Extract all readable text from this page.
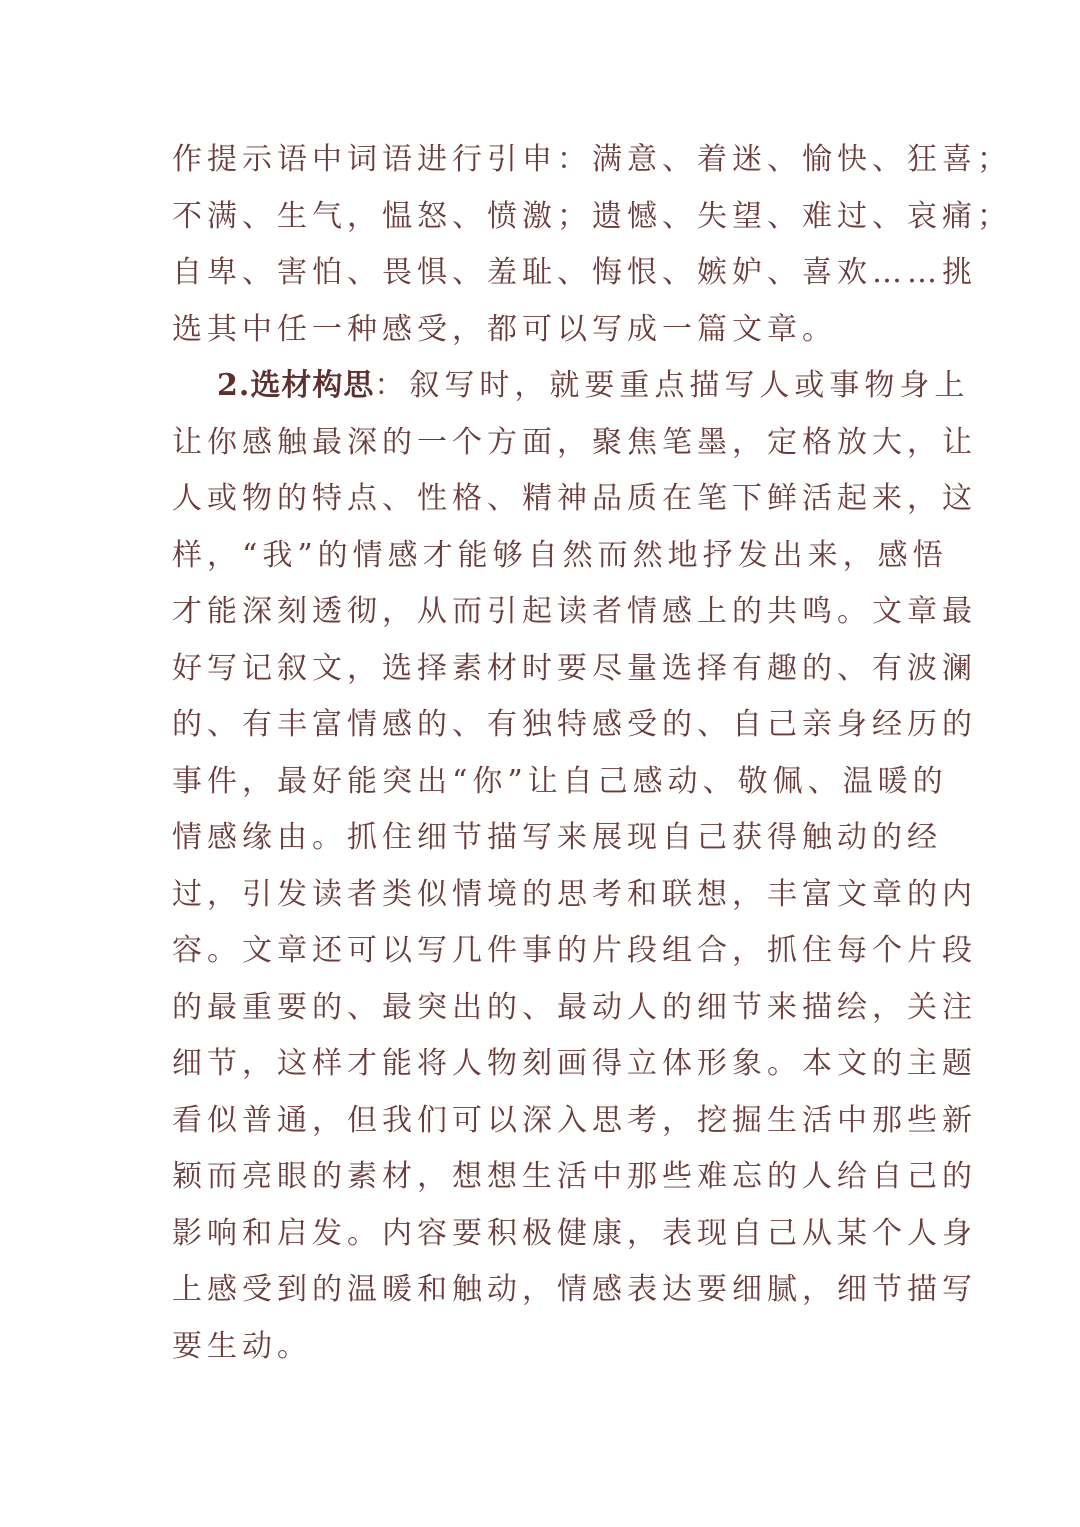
作提示语中词语进行引申：满意、着迷、愉快、狂喜；
不满、生气，愠怒、愤激；遗憾、失望、难过、哀痛；
自卑、害怕、畏惧、羞耻、悔恨、嫉妒、喜欢……挑
选其中任一种感受，都可以写成一篇文章。
2.选材构思：叙写时，就要重点描写人或事物身上
让你感触最深的一个方面，聚焦笔墨，定格放大，让
人或物的特点、性格、精神品质在笔下鲜活起来，这
样，“我”的情感才能够自然而然地抒发出来，感悟
才能深刻透彻，从而引起读者情感上的共鸣。文章最
好写记叙文，选择素材时要尽量选择有趣的、有波澜
的、有丰富情感的、有独特感受的、自己亲身经历的
事件，最好能突出“你”让自己感动、敬佩、温暖的
情感缘由。抓住细节描写来展现自己获得触动的经
过，引发读者类似情境的思考和联想，丰富文章的内
容。文章还可以写几件事的片段组合，抓住每个片段
的最重要的、最突出的、最动人的细节来描绘，关注
细节，这样才能将人物刻画得立体形象。本文的主题
看似普通，但我们可以深入思考，挖掘生活中那些新
颖而亮眼的素材，想想生活中那些难忘的人给自己的
影响和启发。内容要积极健康，表现自己从某个人身
上感受到的温暖和触动，情感表达要细腻，细节描写
要生动。
